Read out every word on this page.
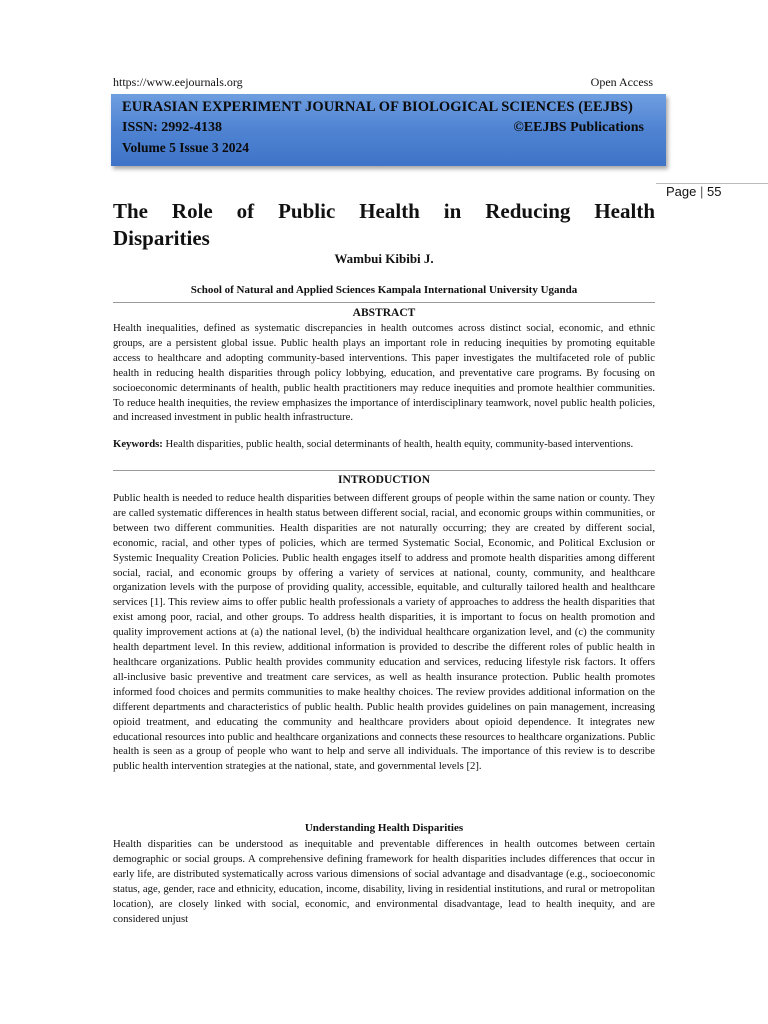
https://www.eejournals.org	Open Access
EURASIAN EXPERIMENT JOURNAL OF BIOLOGICAL SCIENCES (EEJBS)
ISSN: 2992-4138	©EEJBS Publications
Volume 5 Issue 3 2024
Page | 55
The Role of Public Health in Reducing Health Disparities
Wambui Kibibi J.
School of Natural and Applied Sciences Kampala International University Uganda
ABSTRACT

Health inequalities, defined as systematic discrepancies in health outcomes across distinct social, economic, and ethnic groups, are a persistent global issue. Public health plays an important role in reducing inequities by promoting equitable access to healthcare and adopting community-based interventions. This paper investigates the multifaceted role of public health in reducing health disparities through policy lobbying, education, and preventative care programs. By focusing on socioeconomic determinants of health, public health practitioners may reduce inequities and promote healthier communities. To reduce health inequities, the review emphasizes the importance of interdisciplinary teamwork, novel public health policies, and increased investment in public health infrastructure.

Keywords: Health disparities, public health, social determinants of health, health equity, community-based interventions.

INTRODUCTION

Public health is needed to reduce health disparities between different groups of people within the same nation or county. They are called systematic differences in health status between different social, racial, and economic groups within communities, or between two different communities. Health disparities are not naturally occurring; they are created by different social, economic, racial, and other types of policies, which are termed Systematic Social, Economic, and Political Exclusion or Systemic Inequality Creation Policies. Public health engages itself to address and promote health disparities among different social, racial, and economic groups by offering a variety of services at national, county, community, and healthcare organization levels with the purpose of providing quality, accessible, equitable, and culturally tailored health and healthcare services [1]. This review aims to offer public health professionals a variety of approaches to address the health disparities that exist among poor, racial, and other groups. To address health disparities, it is important to focus on health promotion and quality improvement actions at (a) the national level, (b) the individual healthcare organization level, and (c) the community health department level. In this review, additional information is provided to describe the different roles of public health in healthcare organizations. Public health provides community education and services, reducing lifestyle risk factors. It offers all-inclusive basic preventive and treatment care services, as well as health insurance protection. Public health promotes informed food choices and permits communities to make healthy choices. The review provides additional information on the different departments and characteristics of public health. Public health provides guidelines on pain management, increasing opioid treatment, and educating the community and healthcare providers about opioid dependence. It integrates new educational resources into public and healthcare organizations and connects these resources to healthcare organizations. Public health is seen as a group of people who want to help and serve all individuals. The importance of this review is to describe public health intervention strategies at the national, state, and governmental levels [2].

Understanding Health Disparities

Health disparities can be understood as inequitable and preventable differences in health outcomes between certain demographic or social groups. A comprehensive defining framework for health disparities includes differences that occur in early life, are distributed systematically across various dimensions of social advantage and disadvantage (e.g., socioeconomic status, age, gender, race and ethnicity, education, income, disability, living in residential institutions, and rural or metropolitan location), are closely linked with social, economic, and environmental disadvantage, lead to health inequity, and are considered unjust
